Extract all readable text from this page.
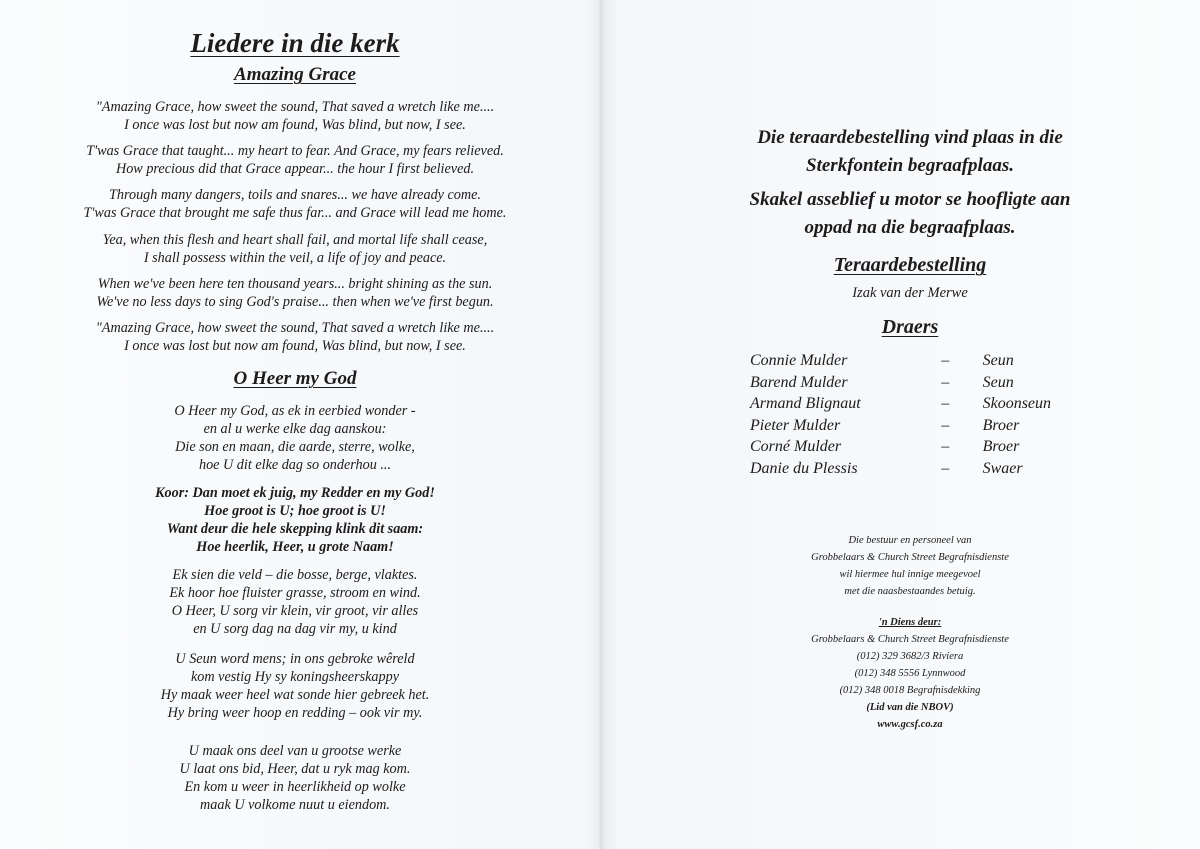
Liedere in die kerk
Amazing Grace
"Amazing Grace, how sweet the sound, That saved a wretch like me....
I once was lost but now am found, Was blind, but now, I see.
T'was Grace that taught... my heart to fear. And Grace, my fears relieved.
How precious did that Grace appear... the hour I first believed.
Through many dangers, toils and snares... we have already come.
T'was Grace that brought me safe thus far... and Grace will lead me home.
Yea, when this flesh and heart shall fail, and mortal life shall cease,
I shall possess within the veil, a life of joy and peace.
When we've been here ten thousand years... bright shining as the sun.
We've no less days to sing God's praise... then when we've first begun.
"Amazing Grace, how sweet the sound, That saved a wretch like me....
I once was lost but now am found, Was blind, but now, I see.
O Heer my God
O Heer my God, as ek in eerbied wonder -
en al u werke elke dag aanskou:
Die son en maan, die aarde, sterre, wolke,
hoe U dit elke dag so onderhou ...
Koor: Dan moet ek juig, my Redder en my God!
Hoe groot is U; hoe groot is U!
Want deur die hele skepping klink dit saam:
Hoe heerlik, Heer, u grote Naam!
Ek sien die veld – die bosse, berge, vlaktes.
Ek hoor hoe fluister grasse, stroom en wind.
O Heer, U sorg vir klein, vir groot, vir alles
en U sorg dag na dag vir my, u kind
U Seun word mens; in ons gebroke wêreld
kom vestig Hy sy koningsheerskappy
Hy maak weer heel wat sonde hier gebreek het.
Hy bring weer hoop en redding – ook vir my.
U maak ons deel van u grootse werke
U laat ons bid, Heer, dat u ryk mag kom.
En kom u weer in heerlikheid op wolke
maak U volkome nuut u eiendom.
Die teraardebestelling vind plaas in die
Sterkfontein begraafplaas.
Skakel asseblief u motor se hoofligte aan
oppad na die begraafplaas.
Teraardebestelling
Izak van der Merwe
Draers
Connie Mulder	–	Seun
Barend Mulder	–	Seun
Armand Blignaut	–	Skoonseun
Pieter Mulder	–	Broer
Corné Mulder	–	Broer
Danie du Plessis	–	Swaer
Die bestuur en personeel van
Grobbelaars & Church Street Begrafnisdienste
wil hiermee hul innige meegevoel
met die naasbestaandes betuig.
'n Diens deur:
Grobbelaars & Church Street Begrafnisdienste
(012) 329 3682/3 Riviera
(012) 348 5556 Lynnwood
(012) 348 0018 Begrafnisdekking
(Lid van die NBOV)
www.gcsf.co.za
